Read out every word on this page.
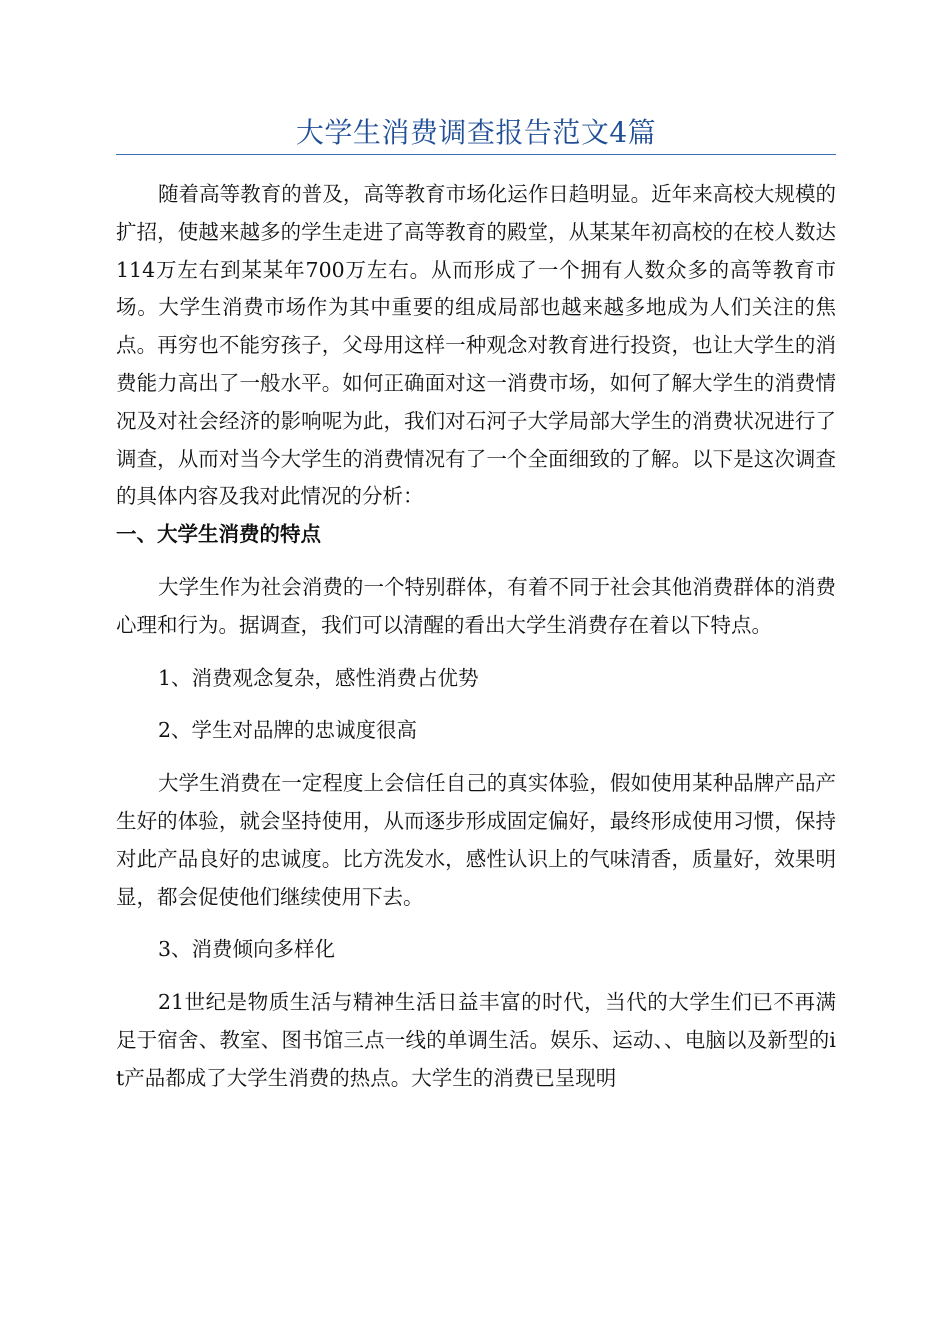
大学生消费调查报告范文4篇

随着高等教育的普及，高等教育市场化运作日趋明显。近年来高校大规模的扩招，使越来越多的学生走进了高等教育的殿堂，从某某年初高校的在校人数达114万左右到某某年700万左右。从而形成了一个拥有人数众多的高等教育市场。大学生消费市场作为其中重要的组成局部也越来越多地成为人们关注的焦点。再穷也不能穷孩子，父母用这样一种观念对教育进行投资，也让大学生的消费能力高出了一般水平。如何正确面对这一消费市场，如何了解大学生的消费情况及对社会经济的影响呢为此，我们对石河子大学局部大学生的消费状况进行了调查，从而对当今大学生的消费情况有了一个全面细致的了解。以下是这次调查的具体内容及我对此情况的分析：

一、大学生消费的特点

大学生作为社会消费的一个特别群体，有着不同于社会其他消费群体的消费心理和行为。据调查，我们可以清醒的看出大学生消费存在着以下特点。

1、消费观念复杂，感性消费占优势

2、学生对品牌的忠诚度很高

大学生消费在一定程度上会信任自己的真实体验，假如使用某种品牌产品产生好的体验，就会坚持使用，从而逐步形成固定偏好，最终形成使用习惯，保持对此产品良好的忠诚度。比方洗发水，感性认识上的气味清香，质量好，效果明显，都会促使他们继续使用下去。

3、消费倾向多样化

21世纪是物质生活与精神生活日益丰富的时代，当代的大学生们已不再满足于宿舍、教室、图书馆三点一线的单调生活。娱乐、运动、、电脑以及新型的it产品都成了大学生消费的热点。大学生的消费已呈现明
